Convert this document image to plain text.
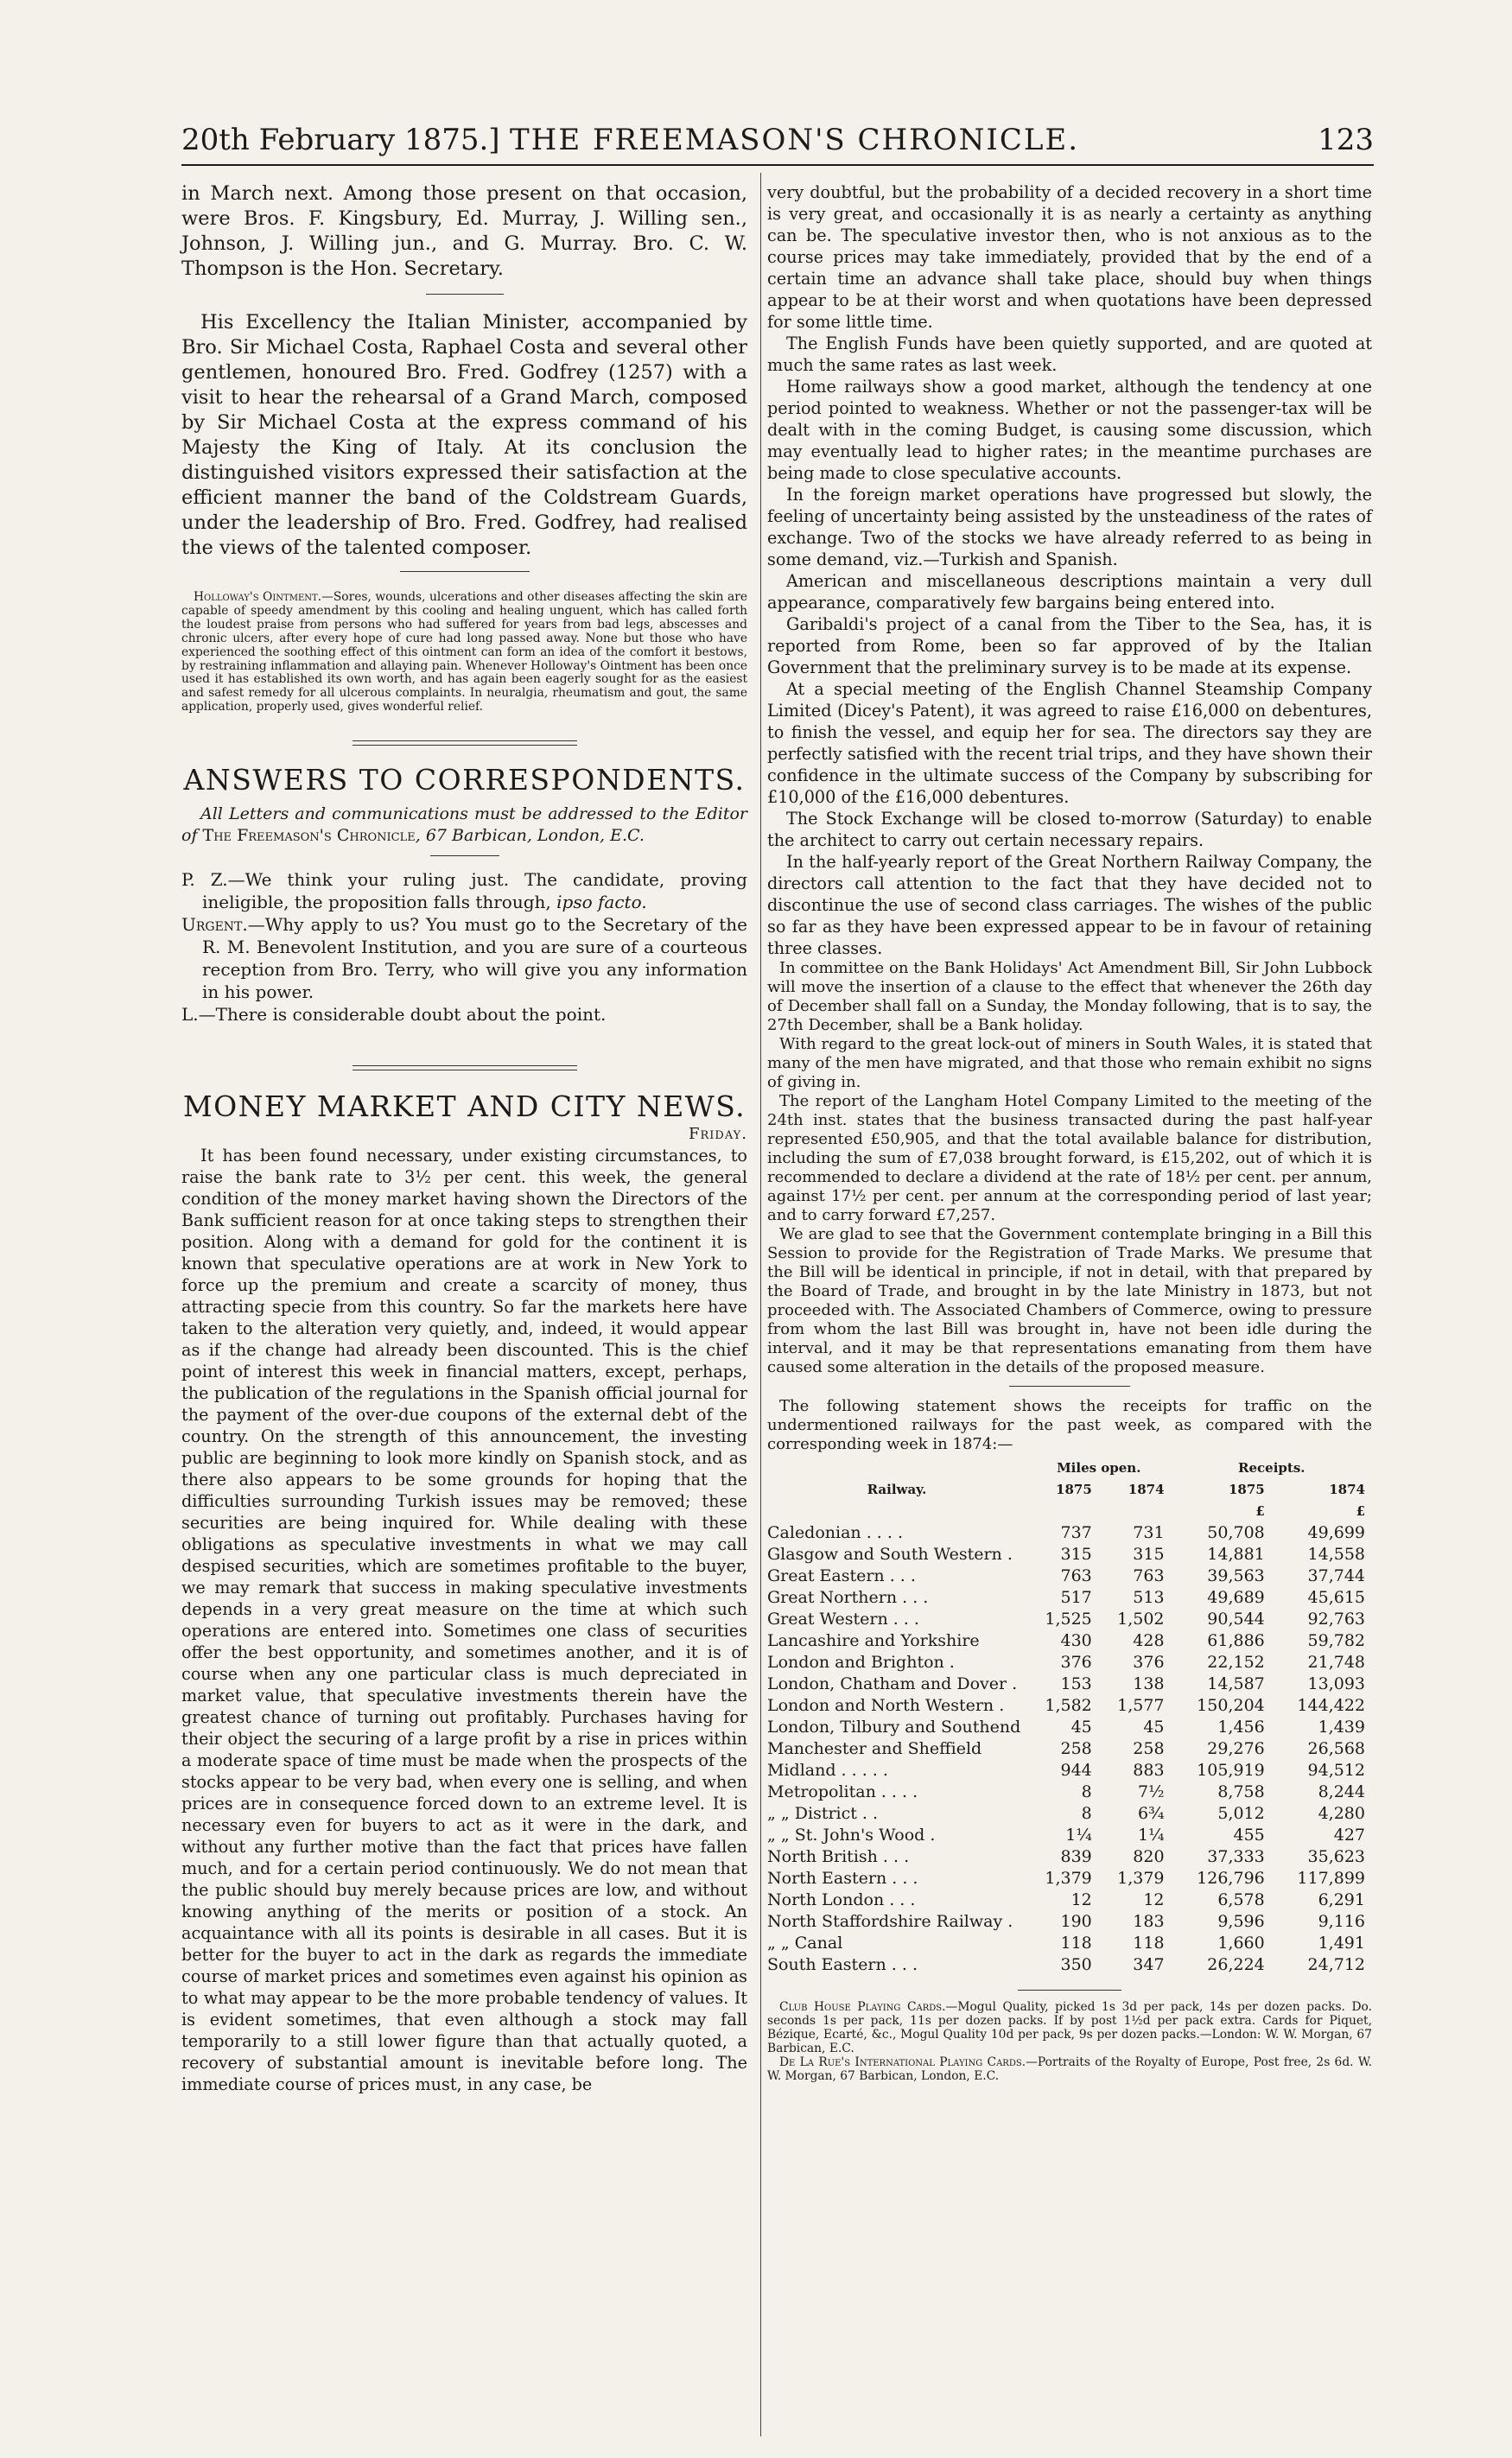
20th February 1875.] THE FREEMASON'S CHRONICLE.	123

in March next. Among those present on that occasion, were Bros. F. Kingsbury, Ed. Murray, J. Willing sen., Johnson, J. Willing jun., and G. Murray. Bro. C. W. Thompson is the Hon. Secretary.

His Excellency the Italian Minister, accompanied by Bro. Sir Michael Costa, Raphael Costa and several other gentlemen, honoured Bro. Fred. Godfrey (1257) with a visit to hear the rehearsal of a Grand March, composed by Sir Michael Costa at the express command of his Majesty the King of Italy. At its conclusion the distinguished visitors expressed their satisfaction at the efficient manner the band of the Coldstream Guards, under the leadership of Bro. Fred. Godfrey, had realised the views of the talented composer.

Holloway's Ointment.—Sores, wounds, ulcerations and other diseases affecting the skin are capable of speedy amendment by this cooling and healing unguent, which has called forth the loudest praise from persons who had suffered for years from bad legs, abscesses and chronic ulcers, after every hope of cure had long passed away. None but those who have experienced the soothing effect of this ointment can form an idea of the comfort it bestows, by restraining inflammation and allaying pain. Whenever Holloway's Ointment has been once used it has established its own worth, and has again been eagerly sought for as the easiest and safest remedy for all ulcerous complaints. In neuralgia, rheumatism and gout, the same application, properly used, gives wonderful relief.

ANSWERS TO CORRESPONDENTS.

All Letters and communications must be addressed to the Editor of The Freemason's Chronicle, 67 Barbican, London, E.C.

P. Z.—We think your ruling just. The candidate, proving ineligible, the proposition falls through, ipso facto.

Urgent.—Why apply to us? You must go to the Secretary of the R. M. Benevolent Institution, and you are sure of a courteous reception from Bro. Terry, who will give you any information in his power.

L.—There is considerable doubt about the point.

MONEY MARKET AND CITY NEWS.

Friday.

It has been found necessary, under existing circumstances, to raise the bank rate to 3½ per cent. this week, the general condition of the money market having shown the Directors of the Bank sufficient reason for at once taking steps to strengthen their position. Along with a demand for gold for the continent it is known that speculative operations are at work in New York to force up the premium and create a scarcity of money, thus attracting specie from this country. So far the markets here have taken to the alteration very quietly, and, indeed, it would appear as if the change had already been discounted. This is the chief point of interest this week in financial matters, except, perhaps, the publication of the regulations in the Spanish official journal for the payment of the over-due coupons of the external debt of the country. On the strength of this announcement, the investing public are beginning to look more kindly on Spanish stock, and as there also appears to be some grounds for hoping that the difficulties surrounding Turkish issues may be removed; these securities are being inquired for. While dealing with these obligations as speculative investments in what we may call despised securities, which are sometimes profitable to the buyer, we may remark that success in making speculative investments depends in a very great measure on the time at which such operations are entered into. Sometimes one class of securities offer the best opportunity, and sometimes another, and it is of course when any one particular class is much depreciated in market value, that speculative investments therein have the greatest chance of turning out profitably. Purchases having for their object the securing of a large profit by a rise in prices within a moderate space of time must be made when the prospects of the stocks appear to be very bad, when every one is selling, and when prices are in consequence forced down to an extreme level. It is necessary even for buyers to act as it were in the dark, and without any further motive than the fact that prices have fallen much, and for a certain period continuously. We do not mean that the public should buy merely because prices are low, and without knowing anything of the merits or position of a stock. An acquaintance with all its points is desirable in all cases. But it is better for the buyer to act in the dark as regards the immediate course of market prices and sometimes even against his opinion as to what may appear to be the more probable tendency of values. It is evident sometimes, that even although a stock may fall temporarily to a still lower figure than that actually quoted, a recovery of substantial amount is inevitable before long. The immediate course of prices must, in any case, be

very doubtful, but the probability of a decided recovery in a short time is very great, and occasionally it is as nearly a certainty as anything can be. The speculative investor then, who is not anxious as to the course prices may take immediately, provided that by the end of a certain time an advance shall take place, should buy when things appear to be at their worst and when quotations have been depressed for some little time.

The English Funds have been quietly supported, and are quoted at much the same rates as last week.

Home railways show a good market, although the tendency at one period pointed to weakness. Whether or not the passenger-tax will be dealt with in the coming Budget, is causing some discussion, which may eventually lead to higher rates; in the meantime purchases are being made to close speculative accounts.

In the foreign market operations have progressed but slowly, the feeling of uncertainty being assisted by the unsteadiness of the rates of exchange. Two of the stocks we have already referred to as being in some demand, viz.—Turkish and Spanish.

American and miscellaneous descriptions maintain a very dull appearance, comparatively few bargains being entered into.

Garibaldi's project of a canal from the Tiber to the Sea, has, it is reported from Rome, been so far approved of by the Italian Government that the preliminary survey is to be made at its expense.

At a special meeting of the English Channel Steamship Company Limited (Dicey's Patent), it was agreed to raise £16,000 on debentures, to finish the vessel, and equip her for sea. The directors say they are perfectly satisfied with the recent trial trips, and they have shown their confidence in the ultimate success of the Company by subscribing for £10,000 of the £16,000 debentures.

The Stock Exchange will be closed to-morrow (Saturday) to enable the architect to carry out certain necessary repairs.

In the half-yearly report of the Great Northern Railway Company, the directors call attention to the fact that they have decided not to discontinue the use of second class carriages. The wishes of the public so far as they have been expressed appear to be in favour of retaining three classes.

In committee on the Bank Holidays' Act Amendment Bill, Sir John Lubbock will move the insertion of a clause to the effect that whenever the 26th day of December shall fall on a Sunday, the Monday following, that is to say, the 27th December, shall be a Bank holiday.

With regard to the great lock-out of miners in South Wales, it is stated that many of the men have migrated, and that those who remain exhibit no signs of giving in.

The report of the Langham Hotel Company Limited to the meeting of the 24th inst. states that the business transacted during the past half-year represented £50,905, and that the total available balance for distribution, including the sum of £7,038 brought forward, is £15,202, out of which it is recommended to declare a dividend at the rate of 18½ per cent. per annum, against 17½ per cent. per annum at the corresponding period of last year; and to carry forward £7,257.

We are glad to see that the Government contemplate bringing in a Bill this Session to provide for the Registration of Trade Marks. We presume that the Bill will be identical in principle, if not in detail, with that prepared by the Board of Trade, and brought in by the late Ministry in 1873, but not proceeded with. The Associated Chambers of Commerce, owing to pressure from whom the last Bill was brought in, have not been idle during the interval, and it may be that representations emanating from them have caused some alteration in the details of the proposed measure.

The following statement shows the receipts for traffic on the undermentioned railways for the past week, as compared with the corresponding week in 1874:—

	Miles open.		Receipts.	
Railway.	1875	1874	1875	1874
			£	£
Caledonian . . . .	737	731	50,708	49,699
Glasgow and South Western .	315	315	14,881	14,558
Great Eastern . . .	763	763	39,563	37,744
Great Northern . . .	517	513	49,689	45,615
Great Western . . .	1,525	1,502	90,544	92,763
Lancashire and Yorkshire	430	428	61,886	59,782
London and Brighton .	376	376	22,152	21,748
London, Chatham and Dover .	153	138	14,587	13,093
London and North Western .	1,582	1,577	150,204	144,422
London, Tilbury and Southend	45	45	1,456	1,439
Manchester and Sheffield	258	258	29,276	26,568
Midland . . . . .	944	883	105,919	94,512
Metropolitan . . . .	8	7½	8,758	8,244
„ „ District . .	8	6¾	5,012	4,280
„ „ St. John's Wood .	1¼	1¼	455	427
North British . . .	839	820	37,333	35,623
North Eastern . . .	1,379	1,379	126,796	117,899
North London . . .	12	12	6,578	6,291
North Staffordshire Railway .	190	183	9,596	9,116
„ „ Canal	118	118	1,660	1,491
South Eastern . . .	350	347	26,224	24,712

Club House Playing Cards.—Mogul Quality, picked 1s 3d per pack, 14s per dozen packs. Do. seconds 1s per pack, 11s per dozen packs. If by post 1½d per pack extra. Cards for Piquet, Bézique, Ecarté, &c., Mogul Quality 10d per pack, 9s per dozen packs.—London: W. W. Morgan, 67 Barbican, E.C.

De La Rue's International Playing Cards.—Portraits of the Royalty of Europe, Post free, 2s 6d. W. W. Morgan, 67 Barbican, London, E.C.
